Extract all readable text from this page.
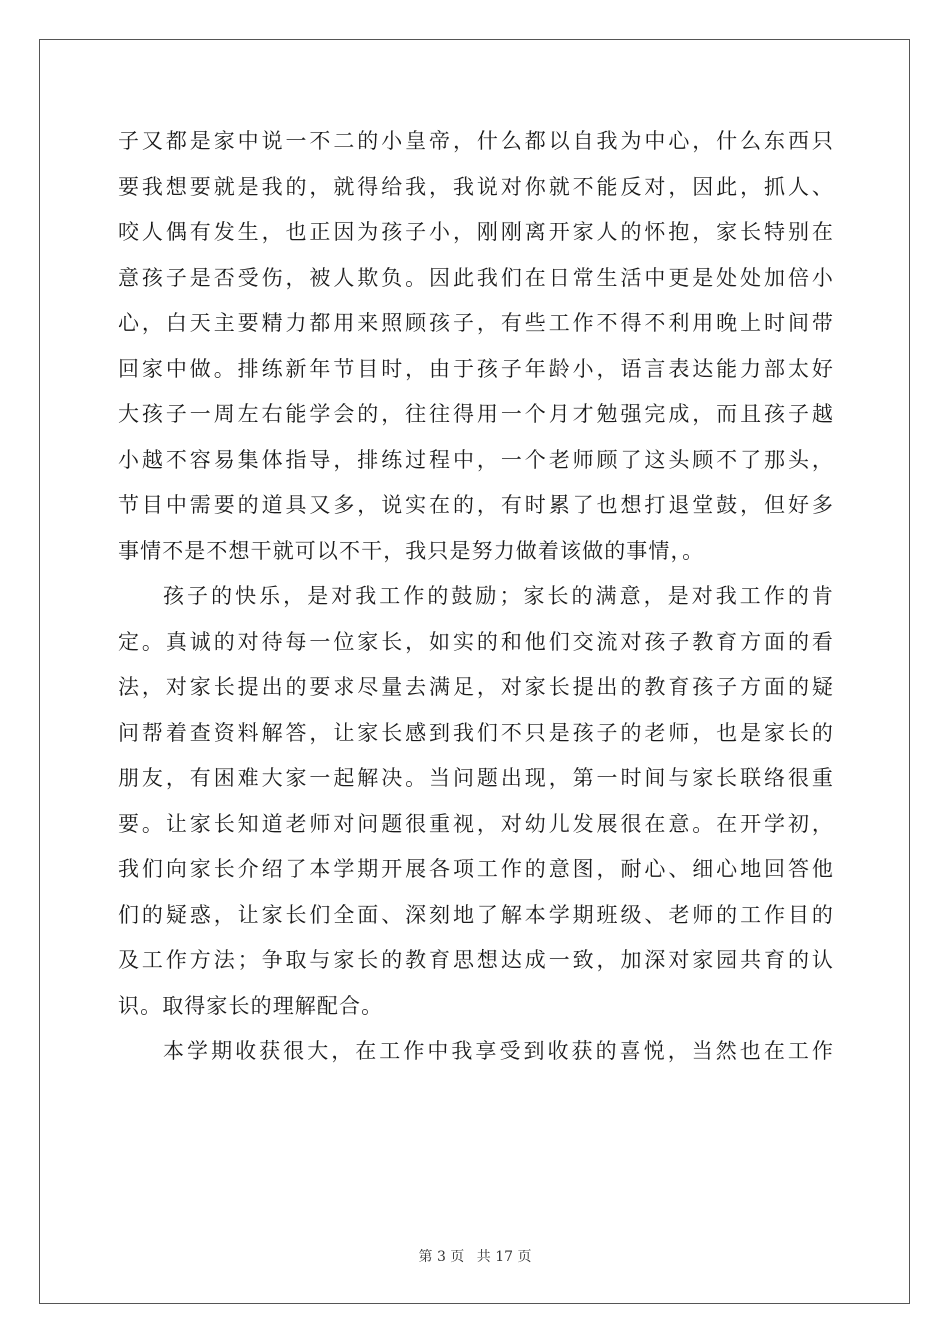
子又都是家中说一不二的小皇帝，什么都以自我为中心，什么东西只
要我想要就是我的，就得给我，我说对你就不能反对，因此，抓人、
咬人偶有发生，也正因为孩子小，刚刚离开家人的怀抱，家长特别在
意孩子是否受伤，被人欺负。因此我们在日常生活中更是处处加倍小
心，白天主要精力都用来照顾孩子，有些工作不得不利用晚上时间带
回家中做。排练新年节目时，由于孩子年龄小，语言表达能力部太好
大孩子一周左右能学会的，往往得用一个月才勉强完成，而且孩子越
小越不容易集体指导，排练过程中，一个老师顾了这头顾不了那头，
节目中需要的道具又多，说实在的，有时累了也想打退堂鼓，但好多
事情不是不想干就可以不干，我只是努力做着该做的事情，。
孩子的快乐，是对我工作的鼓励；家长的满意，是对我工作的肯
定。真诚的对待每一位家长，如实的和他们交流对孩子教育方面的看
法，对家长提出的要求尽量去满足，对家长提出的教育孩子方面的疑
问帮着查资料解答，让家长感到我们不只是孩子的老师，也是家长的
朋友，有困难大家一起解决。当问题出现，第一时间与家长联络很重
要。让家长知道老师对问题很重视，对幼儿发展很在意。在开学初，
我们向家长介绍了本学期开展各项工作的意图，耐心、细心地回答他
们的疑惑，让家长们全面、深刻地了解本学期班级、老师的工作目的
及工作方法；争取与家长的教育思想达成一致，加深对家园共育的认
识。取得家长的理解配合。
本学期收获很大，在工作中我享受到收获的喜悦，当然也在工作
第 3 页 共 17 页
